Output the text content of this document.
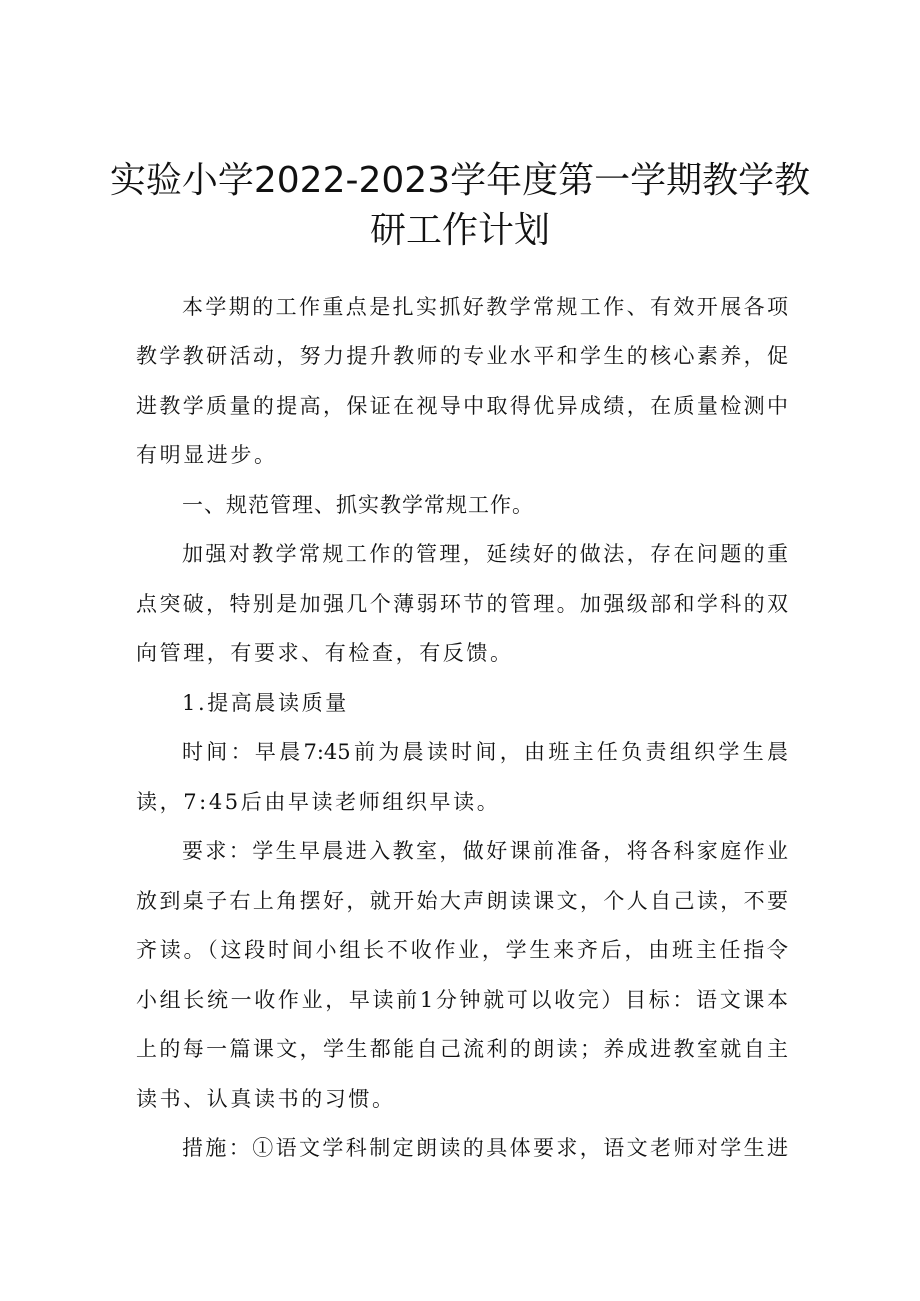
实验小学2022-2023学年度第一学期教学教
研工作计划
本学期的工作重点是扎实抓好教学常规工作、有效开展各项
教学教研活动，努力提升教师的专业水平和学生的核心素养，促
进教学质量的提高，保证在视导中取得优异成绩，在质量检测中
有明显进步。
一、规范管理、抓实教学常规工作。
加强对教学常规工作的管理，延续好的做法，存在问题的重
点突破，特别是加强几个薄弱环节的管理。加强级部和学科的双
向管理，有要求、有检查，有反馈。
1.提高晨读质量
时间：早晨7:45前为晨读时间，由班主任负责组织学生晨
读，7:45后由早读老师组织早读。
要求：学生早晨进入教室，做好课前准备，将各科家庭作业
放到桌子右上角摆好，就开始大声朗读课文，个人自己读，不要
齐读。（这段时间小组长不收作业，学生来齐后，由班主任指令
小组长统一收作业，早读前1分钟就可以收完）目标：语文课本
上的每一篇课文，学生都能自己流利的朗读；养成进教室就自主
读书、认真读书的习惯。
措施：①语文学科制定朗读的具体要求，语文老师对学生进
